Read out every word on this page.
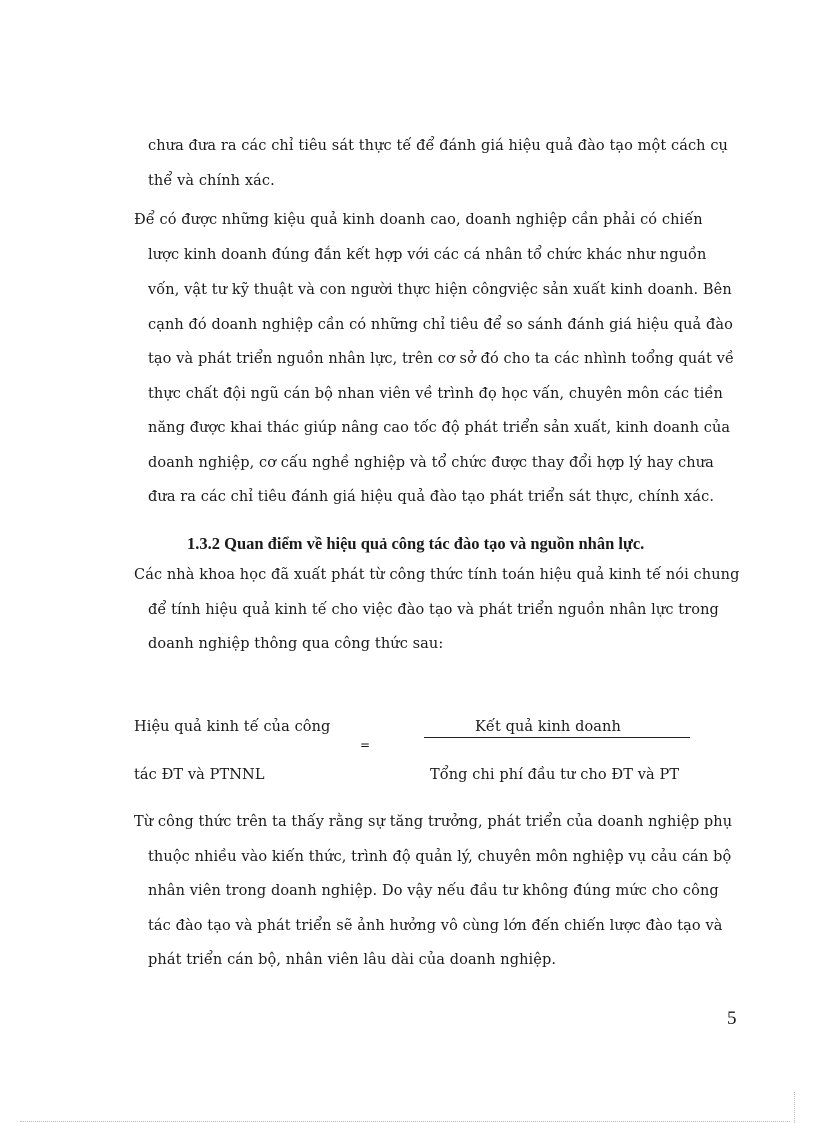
chưa đưa ra các chỉ tiêu sát thực tế để đánh giá hiệu quả đào tạo một cách cụ
thể và chính xác.
Để có được những kiệu quả kinh doanh cao, doanh nghiệp cần phải có chiến
lược kinh doanh đúng đắn kết hợp với các cá nhân tổ chức khác như nguồn
vốn, vật tư kỹ thuật và con người thực hiện côngviệc sản xuất kinh doanh. Bên
cạnh đó doanh nghiệp cần có những chỉ tiêu để so sánh đánh giá hiệu quả đào
tạo và phát triển nguồn nhân lực, trên cơ sở đó cho ta các nhình toổng quát về
thực chất đội ngũ cán bộ nhan viên về trình đọ học vấn, chuyên môn các tiền
năng được khai thác giúp nâng cao tốc độ phát triển sản xuất, kinh doanh của
doanh nghiệp, cơ cấu nghề nghiệp và tổ chức được thay đổi hợp lý hay chưa
đưa ra các chỉ tiêu đánh giá hiệu quả đào tạo phát triển sát thực, chính xác.
1.3.2 Quan điểm về hiệu quả công tác đào tạo và nguồn nhân lực.
Các nhà khoa học đã xuất phát từ công thức tính toán hiệu quả kinh tế nói chung
để tính hiệu quả kinh tế cho việc đào tạo và phát triển nguồn nhân lực trong
doanh nghiệp thông qua công thức sau:
Hiệu quả kinh tế của công
=
Kết quả kinh doanh
tác ĐT và PTNNL	Tổng chi phí đầu tư cho ĐT và PT
Từ công thức trên ta thấy rằng sự tăng trưởng, phát triển của doanh nghiệp phụ
thuộc nhiều vào kiến thức, trình độ quản lý, chuyên môn nghiệp vụ cảu cán bộ
nhân viên trong doanh nghiệp. Do vậy nếu đầu tư không đúng mức cho công
tác đào tạo và phát triển sẽ ảnh hưởng vô cùng lớn đến chiến lược đào tạo và
phát triển cán bộ, nhân viên lâu dài của doanh nghiệp.
5
